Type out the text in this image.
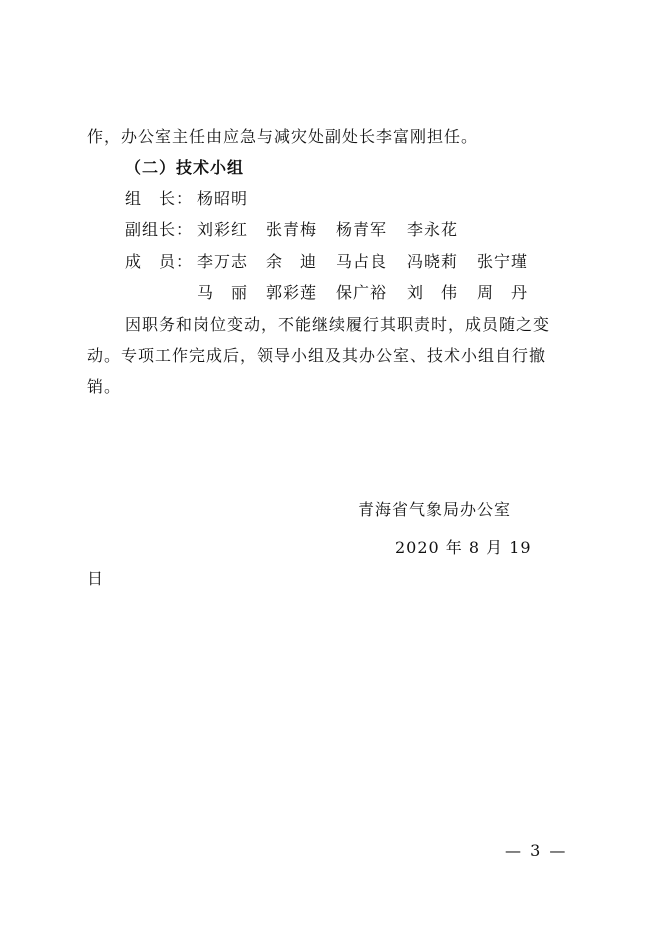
作，办公室主任由应急与减灾处副处长李富刚担任。
（二）技术小组
组　长： 杨昭明
副组长： 刘彩红 张青梅 杨青军 李永花
成　员： 李万志 余　迪 马占良 冯晓莉 张宁瑾
马　丽 郭彩莲 保广裕 刘　伟 周　丹
因职务和岗位变动，不能继续履行其职责时，成员随之变
动。专项工作完成后，领导小组及其办公室、技术小组自行撤
销。
青海省气象局办公室
2020 年 8 月 19
日
— 3 —
